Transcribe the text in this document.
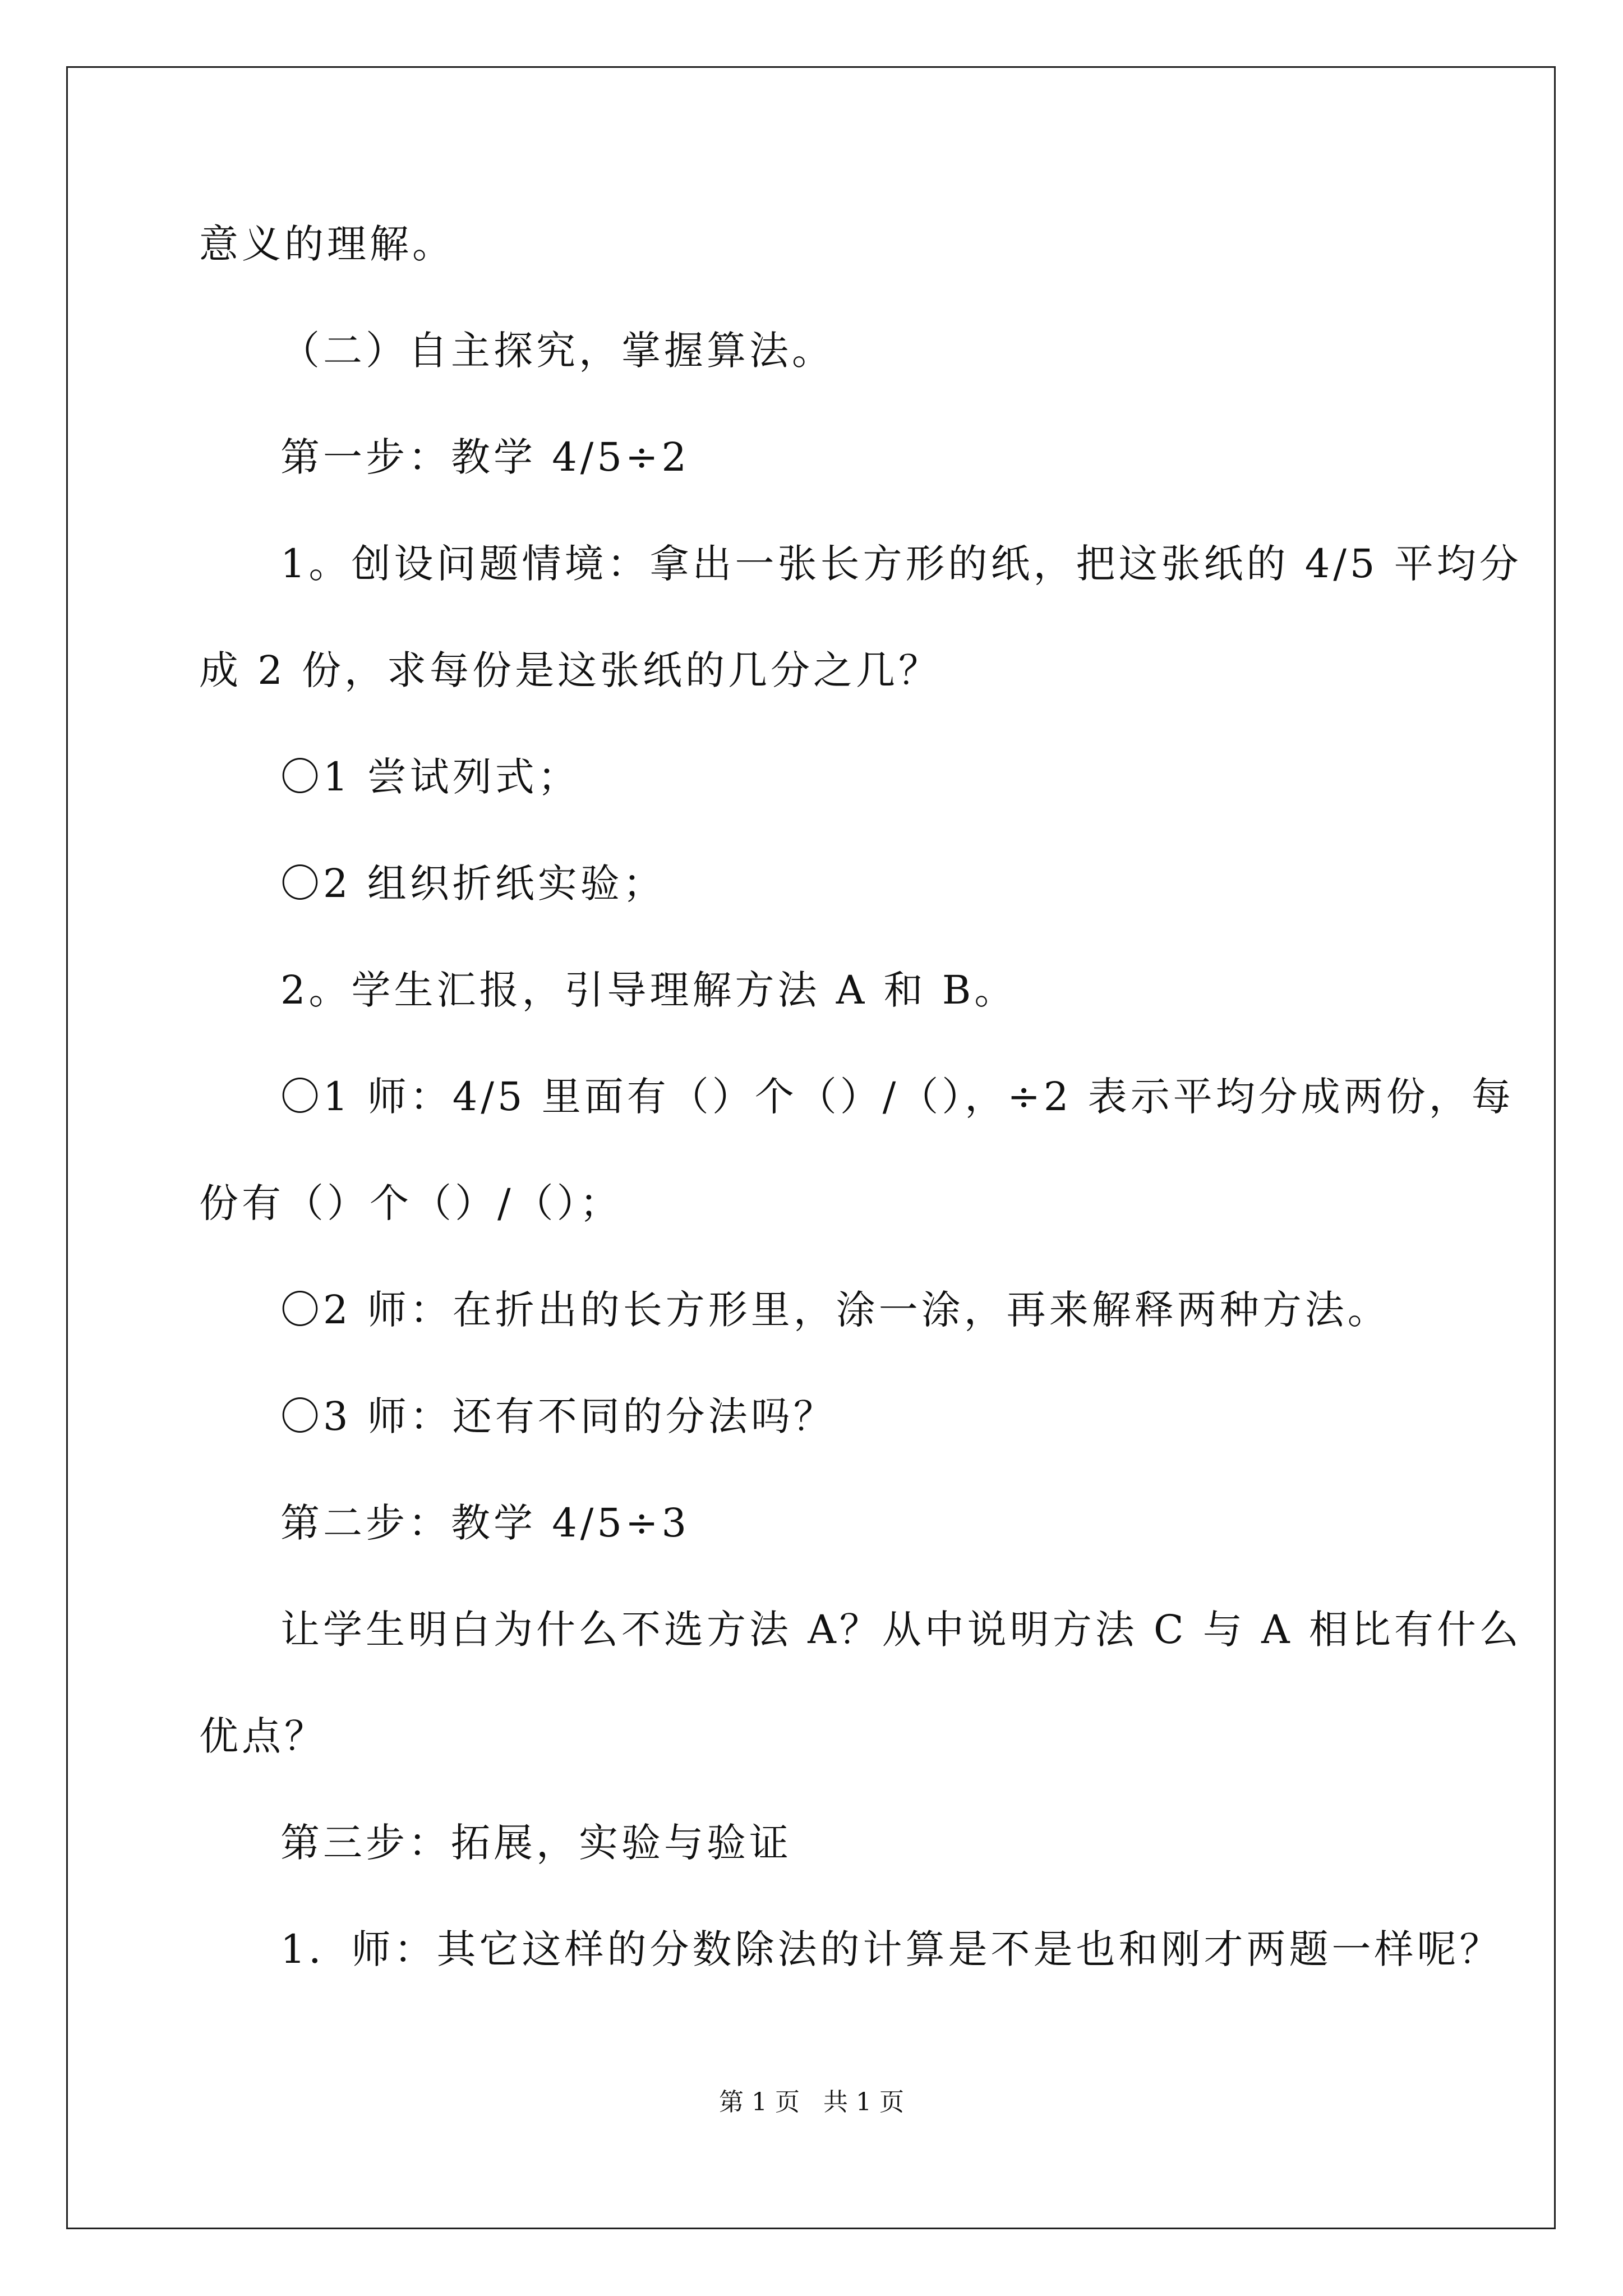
意义的理解。
（二）自主探究，掌握算法。
第一步：教学 4/5÷2
1。创设问题情境：拿出一张长方形的纸，把这张纸的 4/5 平均分
成 2 份，求每份是这张纸的几分之几？
〇1 尝试列式；
〇2 组织折纸实验；
2。学生汇报，引导理解方法 A 和 B。
〇1 师：4/5 里面有（）个（）/（），÷2 表示平均分成两份，每
份有（）个（）/（）；
〇2 师：在折出的长方形里，涂一涂，再来解释两种方法。
〇3 师：还有不同的分法吗？
第二步：教学 4/5÷3
让学生明白为什么不选方法 A？从中说明方法 C 与 A 相比有什么
优点？
第三步：拓展，实验与验证
1．师：其它这样的分数除法的计算是不是也和刚才两题一样呢？
第 1 页   共 1 页
